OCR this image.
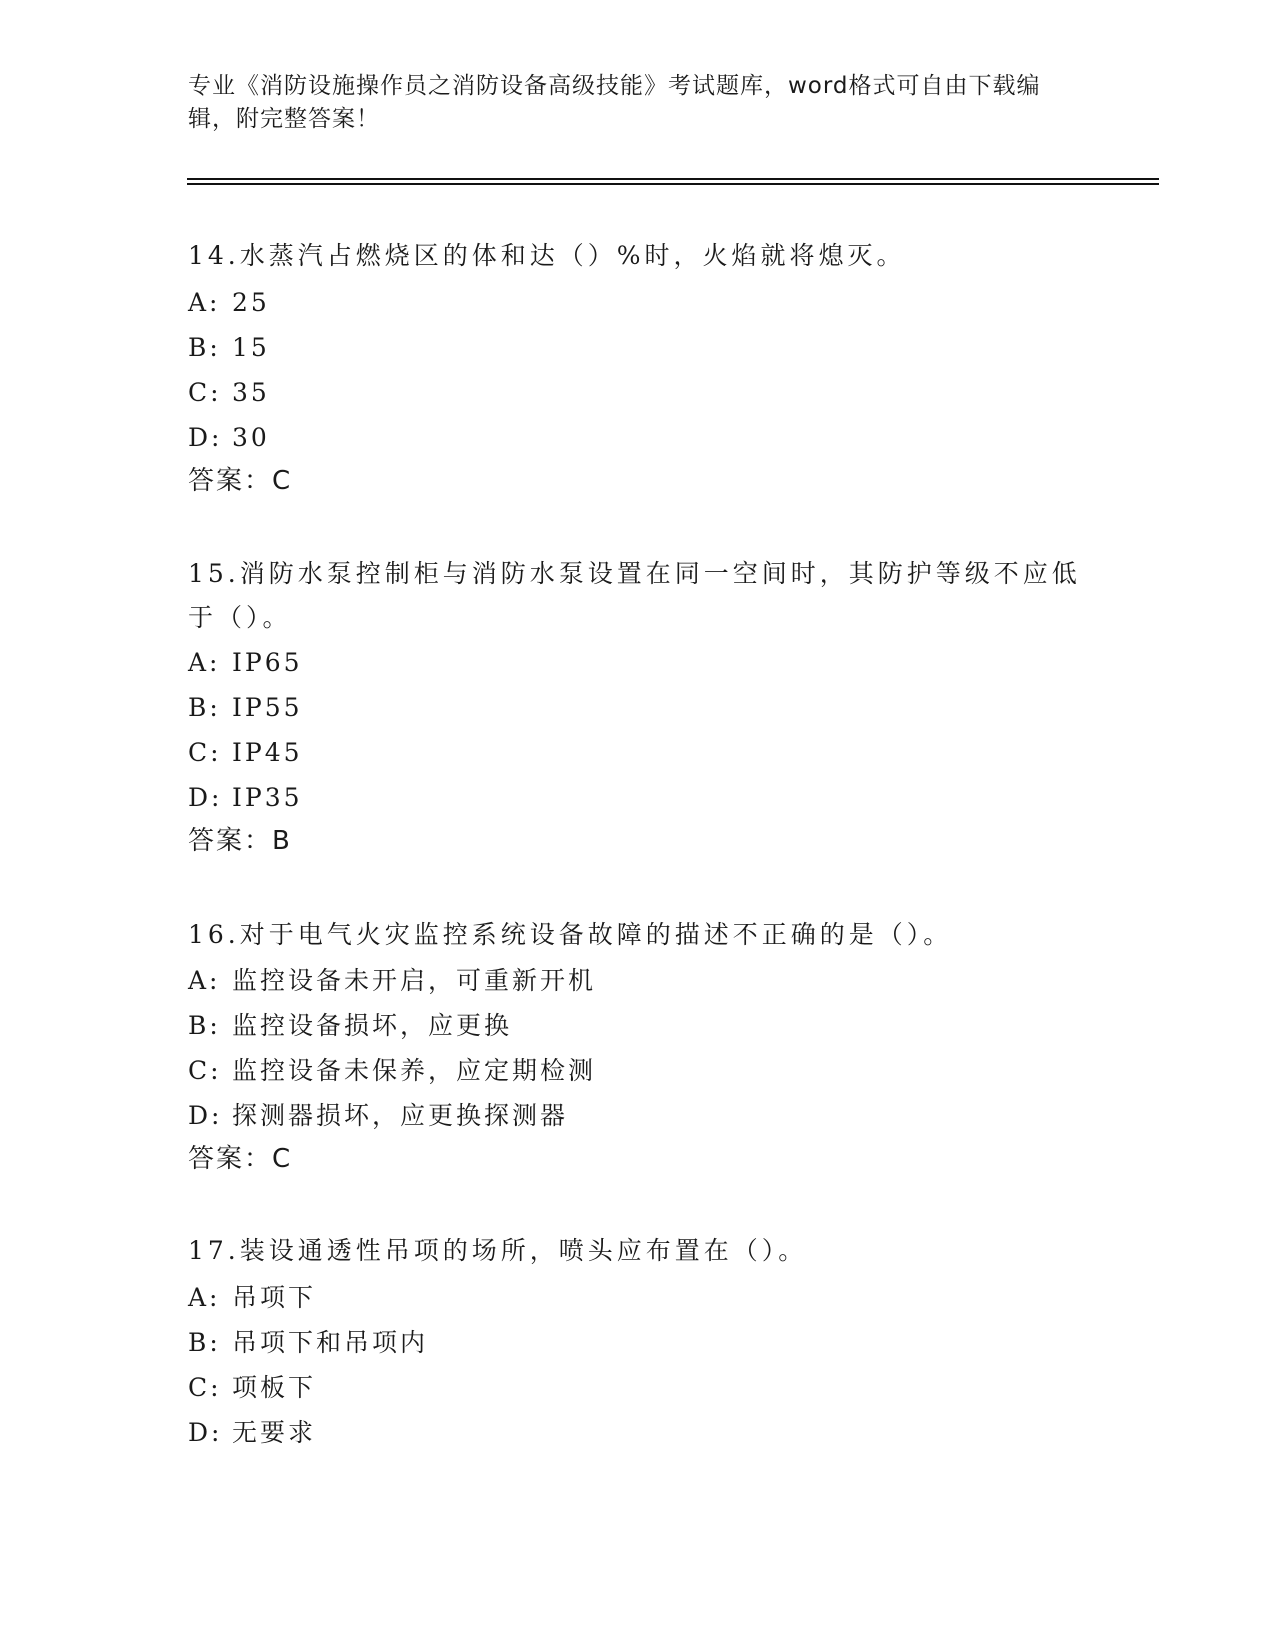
专业《消防设施操作员之消防设备高级技能》考试题库，word格式可自由下载编辑，附完整答案！
14.水蒸汽占燃烧区的体和达（）%时，火焰就将熄灭。
A: 25
B: 15
C: 35
D: 30
答案：C
15.消防水泵控制柜与消防水泵设置在同一空间时，其防护等级不应低于（）。
A: IP65
B: IP55
C: IP45
D: IP35
答案：B
16.对于电气火灾监控系统设备故障的描述不正确的是（）。
A: 监控设备未开启，可重新开机
B: 监控设备损坏，应更换
C: 监控设备未保养，应定期检测
D: 探测器损坏，应更换探测器
答案：C
17.装设通透性吊项的场所，喷头应布置在（）。
A: 吊项下
B: 吊项下和吊项内
C: 项板下
D: 无要求
